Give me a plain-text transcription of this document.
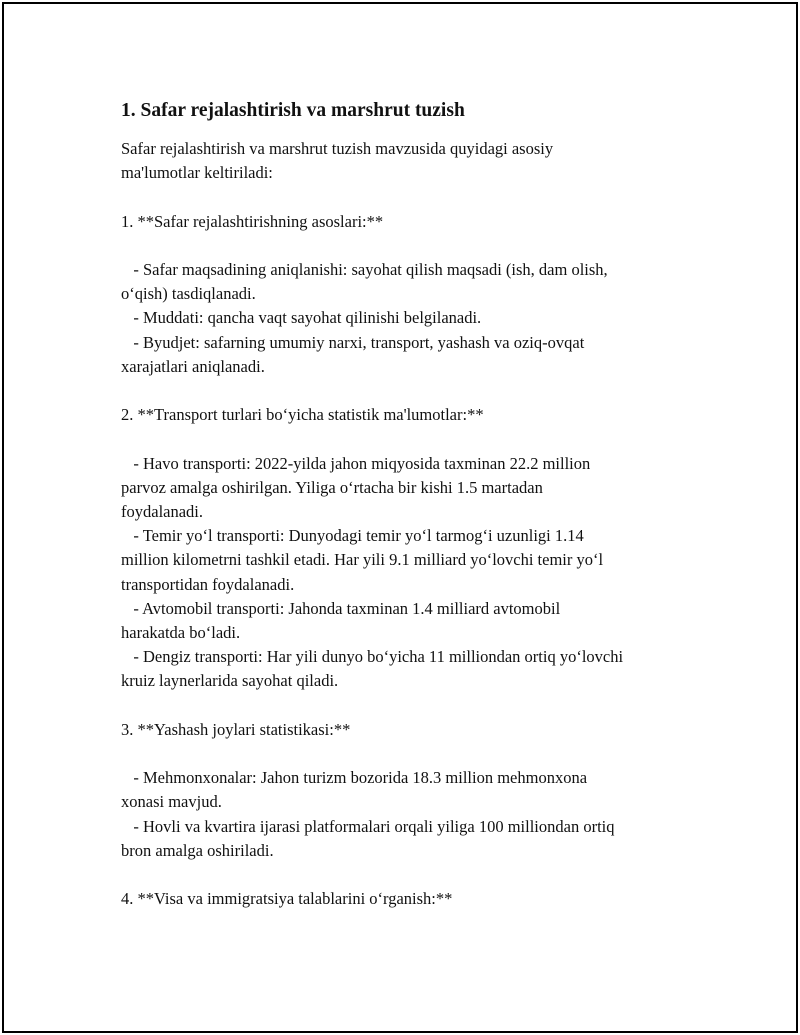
1. Safar rejalashtirish va marshrut tuzish
Safar rejalashtirish va marshrut tuzish mavzusida quyidagi asosiy
ma'lumotlar keltiriladi:
1. **Safar rejalashtirishning asoslari:**
- Safar maqsadining aniqlanishi: sayohat qilish maqsadi (ish, dam olish,
o‘qish) tasdiqlanadi.
- Muddati: qancha vaqt sayohat qilinishi belgilanadi.
- Byudjet: safarning umumiy narxi, transport, yashash va oziq-ovqat
xarajatlari aniqlanadi.
2. **Transport turlari bo‘yicha statistik ma'lumotlar:**
- Havo transporti: 2022-yilda jahon miqyosida taxminan 22.2 million
parvoz amalga oshirilgan. Yiliga o‘rtacha bir kishi 1.5 martadan
foydalanadi.
- Temir yo‘l transporti: Dunyodagi temir yo‘l tarmog‘i uzunligi 1.14
million kilometrni tashkil etadi. Har yili 9.1 milliard yo‘lovchi temir yo‘l
transportidan foydalanadi.
- Avtomobil transporti: Jahonda taxminan 1.4 milliard avtomobil
harakatda bo‘ladi.
- Dengiz transporti: Har yili dunyo bo‘yicha 11 milliondan ortiq yo‘lovchi
kruiz laynerlarida sayohat qiladi.
3. **Yashash joylari statistikasi:**
- Mehmonxonalar: Jahon turizm bozorida 18.3 million mehmonxona
xonasi mavjud.
- Hovli va kvartira ijarasi platformalari orqali yiliga 100 milliondan ortiq
bron amalga oshiriladi.
4. **Visa va immigratsiya talablarini o‘rganish:**
